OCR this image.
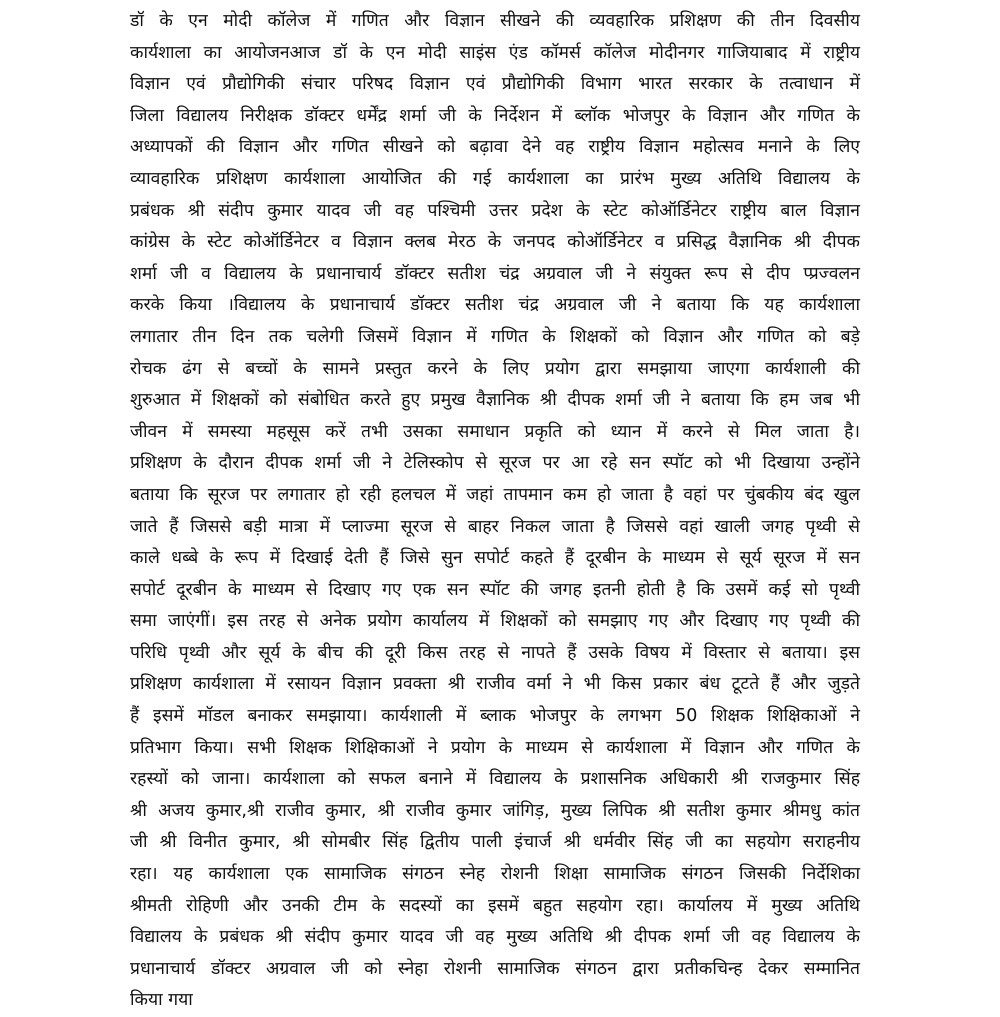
डॉ के एन मोदी कॉलेज में गणित और विज्ञान सीखने की व्यवहारिक प्रशिक्षण की तीन दिवसीय
कार्यशाला का आयोजनआज डॉ के एन मोदी साइंस एंड कॉमर्स कॉलेज मोदीनगर गाजियाबाद में राष्ट्रीय
विज्ञान एवं प्रौद्योगिकी संचार परिषद विज्ञान एवं प्रौद्योगिकी विभाग भारत सरकार के तत्वाधान में
जिला विद्यालय निरीक्षक डॉक्टर धर्मेंद्र शर्मा जी के निर्देशन में ब्लॉक भोजपुर के विज्ञान और गणित के
अध्यापकों की विज्ञान और गणित सीखने को बढ़ावा देने वह राष्ट्रीय विज्ञान महोत्सव मनाने के लिए
व्यावहारिक प्रशिक्षण कार्यशाला आयोजित की गई कार्यशाला का प्रारंभ मुख्य अतिथि विद्यालय के
प्रबंधक श्री संदीप कुमार यादव जी वह पश्चिमी उत्तर प्रदेश के स्टेट कोऑर्डिनेटर राष्ट्रीय बाल विज्ञान
कांग्रेस के स्टेट कोऑर्डिनेटर व विज्ञान क्लब मेरठ के जनपद कोऑर्डिनेटर व प्रसिद्ध वैज्ञानिक श्री दीपक
शर्मा जी व विद्यालय के प्रधानाचार्य डॉक्टर सतीश चंद्र अग्रवाल जी ने संयुक्त रूप से दीप प्प्रज्वलन
करके किया ।विद्यालय के प्रधानाचार्य डॉक्टर सतीश चंद्र अग्रवाल जी ने बताया कि यह कार्यशाला
लगातार तीन दिन तक चलेगी जिसमें विज्ञान में गणित के शिक्षकों को विज्ञान और गणित को बड़े
रोचक ढंग से बच्चों के सामने प्रस्तुत करने के लिए प्रयोग द्वारा समझाया जाएगा कार्यशाली की
शुरुआत में शिक्षकों को संबोधित करते हुए प्रमुख वैज्ञानिक श्री दीपक शर्मा जी ने बताया कि हम जब भी
जीवन में समस्या महसूस करें तभी उसका समाधान प्रकृति को ध्यान में करने से मिल जाता है।
प्रशिक्षण के दौरान दीपक शर्मा जी ने टेलिस्कोप से सूरज पर आ रहे सन स्पॉट को भी दिखाया उन्होंने
बताया कि सूरज पर लगातार हो रही हलचल में जहां तापमान कम हो जाता है वहां पर चुंबकीय बंद खुल
जाते हैं जिससे बड़ी मात्रा में प्लाज्मा सूरज से बाहर निकल जाता है जिससे वहां खाली जगह पृथ्वी से
काले धब्बे के रूप में दिखाई देती हैं जिसे सुन सपोर्ट कहते हैं दूरबीन के माध्यम से सूर्य सूरज में सन
सपोर्ट दूरबीन के माध्यम से दिखाए गए एक सन स्पॉट की जगह इतनी होती है कि उसमें कई सो पृथ्वी
समा जाएंगीं। इस तरह से अनेक प्रयोग कार्यालय में शिक्षकों को समझाए गए और दिखाए गए पृथ्वी की
परिधि पृथ्वी और सूर्य के बीच की दूरी किस तरह से नापते हैं उसके विषय में विस्तार से बताया। इस
प्रशिक्षण कार्यशाला में रसायन विज्ञान प्रवक्ता श्री राजीव वर्मा ने भी किस प्रकार बंध टूटते हैं और जुड़ते
हैं इसमें मॉडल बनाकर समझाया। कार्यशाली में ब्लाक भोजपुर के लगभग 50 शिक्षक शिक्षिकाओं ने
प्रतिभाग किया। सभी शिक्षक शिक्षिकाओं ने प्रयोग के माध्यम से कार्यशाला में विज्ञान और गणित के
रहस्यों को जाना। कार्यशाला को सफल बनाने में विद्यालय के प्रशासनिक अधिकारी श्री राजकुमार सिंह
श्री अजय कुमार,श्री राजीव कुमार, श्री राजीव कुमार जांगिड़, मुख्य लिपिक श्री सतीश कुमार श्रीमधु कांत
जी श्री विनीत कुमार, श्री सोमबीर सिंह द्वितीय पाली इंचार्ज श्री धर्मवीर सिंह जी का सहयोग सराहनीय
रहा। यह कार्यशाला एक सामाजिक संगठन स्नेह रोशनी शिक्षा सामाजिक संगठन जिसकी निर्देशिका
श्रीमती रोहिणी और उनकी टीम के सदस्यों का इसमें बहुत सहयोग रहा। कार्यालय में मुख्य अतिथि
विद्यालय के प्रबंधक श्री संदीप कुमार यादव जी वह मुख्य अतिथि श्री दीपक शर्मा जी वह विद्यालय के
प्रधानाचार्य डॉक्टर अग्रवाल जी को स्नेहा रोशनी सामाजिक संगठन द्वारा प्रतीकचिन्ह देकर सम्मानित
किया गया
